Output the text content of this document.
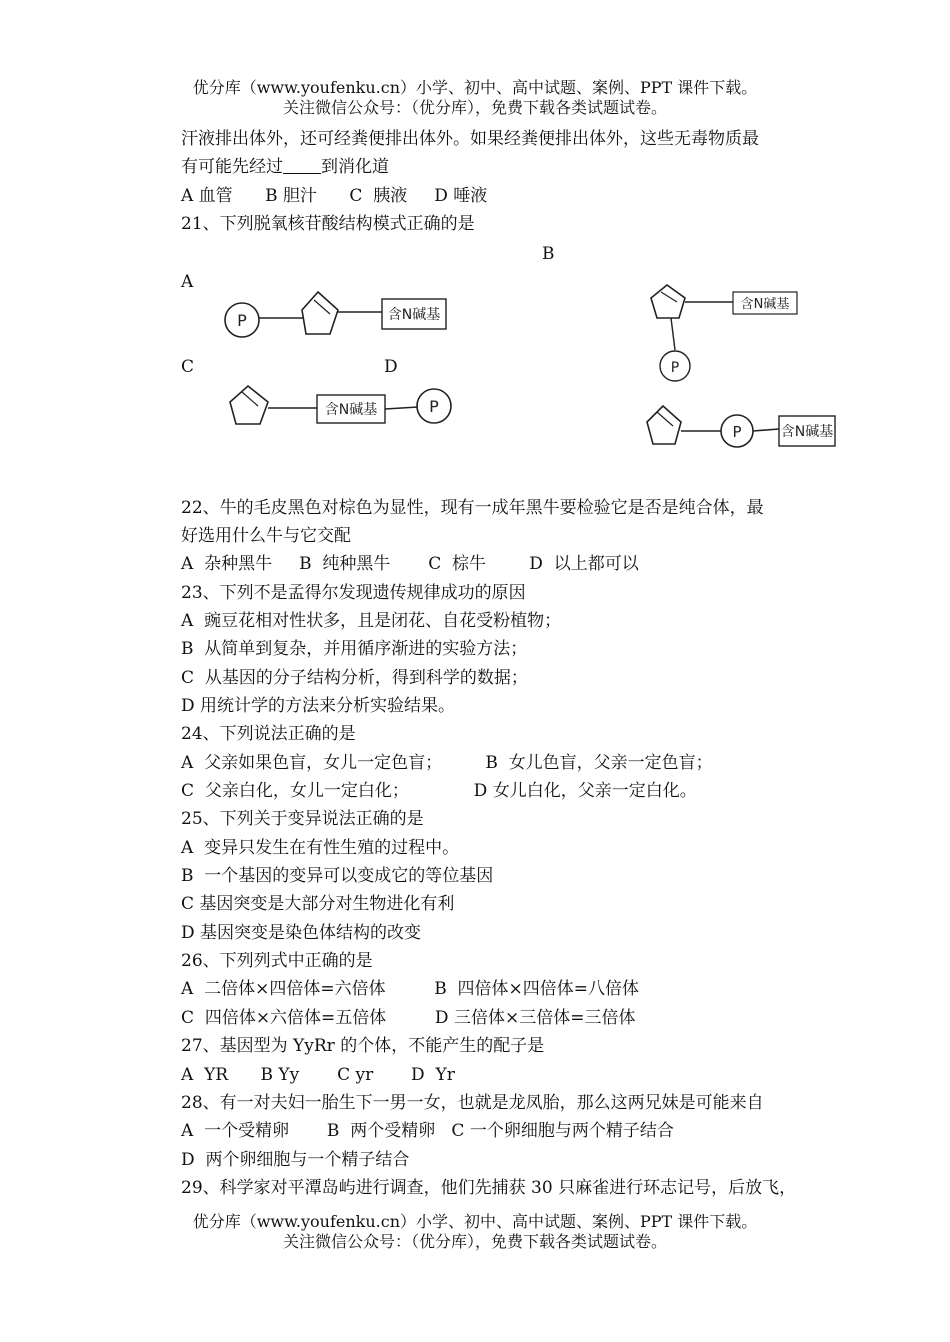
优分库（www.youfenku.cn）小学、初中、高中试题、案例、PPT 课件下载。
关注微信公众号：（优分库），免费下载各类试题试卷。
汗液排出体外，还可经粪便排出体外。如果经粪便排出体外，这些无毒物质最
有可能先经过 到消化道
A 血管      B 胆汁      C  胰液     D 唾液
21、下列脱氧核苷酸结构模式正确的是
B
A
C	D
P	含N碱基
含N碱基
P
含N碱基	P
P	含N碱基
22、牛的毛皮黑色对棕色为显性，现有一成年黑牛要检验它是否是纯合体，最
好选用什么牛与它交配
A  杂种黑牛     B  纯种黑牛       C  棕牛        D  以上都可以
23、下列不是孟得尔发现遗传规律成功的原因
A  豌豆花相对性状多，且是闭花、自花受粉植物；
B  从简单到复杂，并用循序渐进的实验方法；
C  从基因的分子结构分析，得到科学的数据；
D 用统计学的方法来分析实验结果。
24、下列说法正确的是
A  父亲如果色盲，女儿一定色盲；        B  女儿色盲，父亲一定色盲；
C  父亲白化，女儿一定白化；            D 女儿白化，父亲一定白化。
25、下列关于变异说法正确的是
A  变异只发生在有性生殖的过程中。
B  一个基因的变异可以变成它的等位基因
C 基因突变是大部分对生物进化有利
D 基因突变是染色体结构的改变
26、下列列式中正确的是
A  二倍体×四倍体=六倍体         B  四倍体×四倍体=八倍体
C  四倍体×六倍体=五倍体         D 三倍体×三倍体=三倍体
27、基因型为 YyRr 的个体，不能产生的配子是
A  YR      B Yy       C yr       D  Yr
28、有一对夫妇一胎生下一男一女，也就是龙凤胎，那么这两兄妹是可能来自
A  一个受精卵       B  两个受精卵   C 一个卵细胞与两个精子结合
D  两个卵细胞与一个精子结合
29、科学家对平潭岛屿进行调查，他们先捕获 30 只麻雀进行环志记号，后放飞，
优分库（www.youfenku.cn）小学、初中、高中试题、案例、PPT 课件下载。
关注微信公众号：（优分库），免费下载各类试题试卷。
